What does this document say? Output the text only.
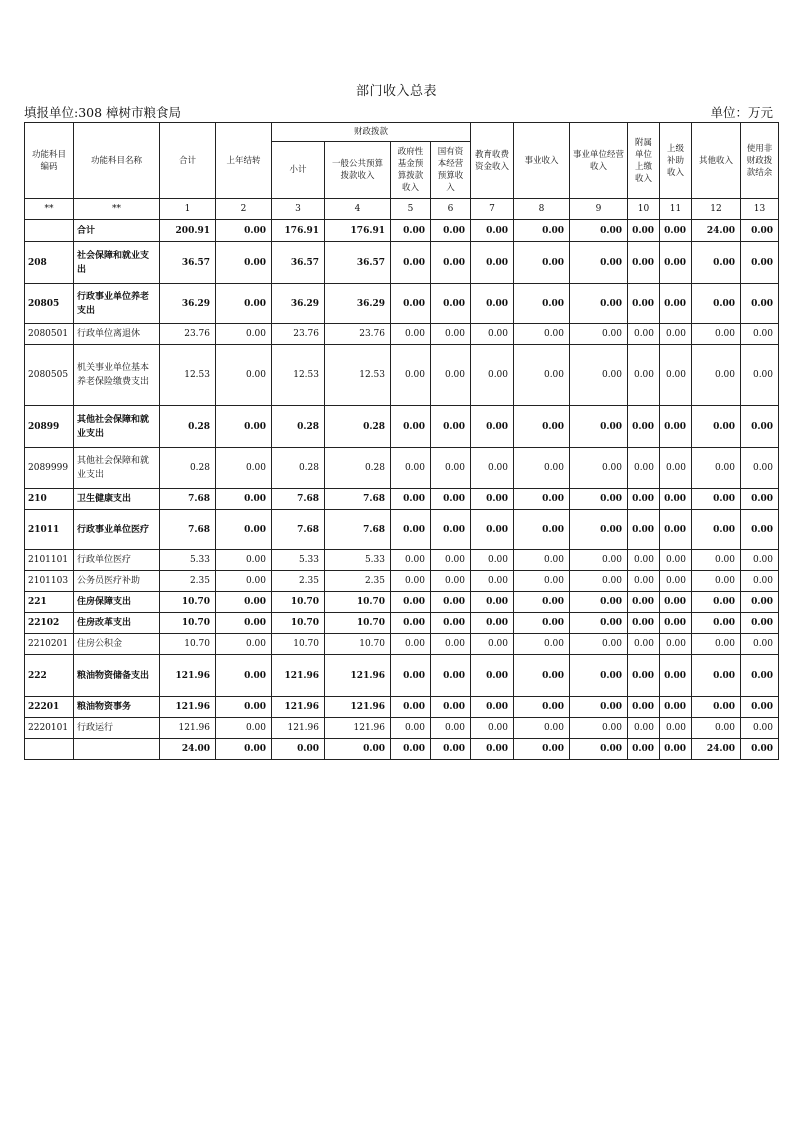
部门收入总表
填报单位:308 樟树市粮食局	单位：万元
功能科目编码	功能科目名称	合计	上年结转	财政拨款				教育收费资金收入	事业收入	事业单位经营收入	附属单位上缴收入	上级补助收入	其他收入	使用非财政拨款结余
				小计	一般公共预算拨款收入	政府性基金预算拨款收入	国有资本经营预算收入							
**	**	1	2	3	4	5	6	7	8	9	10	11	12	13
	合计	200.91	0.00	176.91	176.91	0.00	0.00	0.00	0.00	0.00	0.00	0.00	24.00	0.00
208	社会保障和就业支出	36.57	0.00	36.57	36.57	0.00	0.00	0.00	0.00	0.00	0.00	0.00	0.00	0.00
20805	行政事业单位养老支出	36.29	0.00	36.29	36.29	0.00	0.00	0.00	0.00	0.00	0.00	0.00	0.00	0.00
2080501	行政单位离退休	23.76	0.00	23.76	23.76	0.00	0.00	0.00	0.00	0.00	0.00	0.00	0.00	0.00
2080505	机关事业单位基本养老保险缴费支出	12.53	0.00	12.53	12.53	0.00	0.00	0.00	0.00	0.00	0.00	0.00	0.00	0.00
20899	其他社会保障和就业支出	0.28	0.00	0.28	0.28	0.00	0.00	0.00	0.00	0.00	0.00	0.00	0.00	0.00
2089999	其他社会保障和就业支出	0.28	0.00	0.28	0.28	0.00	0.00	0.00	0.00	0.00	0.00	0.00	0.00	0.00
210	卫生健康支出	7.68	0.00	7.68	7.68	0.00	0.00	0.00	0.00	0.00	0.00	0.00	0.00	0.00
21011	行政事业单位医疗	7.68	0.00	7.68	7.68	0.00	0.00	0.00	0.00	0.00	0.00	0.00	0.00	0.00
2101101	行政单位医疗	5.33	0.00	5.33	5.33	0.00	0.00	0.00	0.00	0.00	0.00	0.00	0.00	0.00
2101103	公务员医疗补助	2.35	0.00	2.35	2.35	0.00	0.00	0.00	0.00	0.00	0.00	0.00	0.00	0.00
221	住房保障支出	10.70	0.00	10.70	10.70	0.00	0.00	0.00	0.00	0.00	0.00	0.00	0.00	0.00
22102	住房改革支出	10.70	0.00	10.70	10.70	0.00	0.00	0.00	0.00	0.00	0.00	0.00	0.00	0.00
2210201	住房公积金	10.70	0.00	10.70	10.70	0.00	0.00	0.00	0.00	0.00	0.00	0.00	0.00	0.00
222	粮油物资储备支出	121.96	0.00	121.96	121.96	0.00	0.00	0.00	0.00	0.00	0.00	0.00	0.00	0.00
22201	粮油物资事务	121.96	0.00	121.96	121.96	0.00	0.00	0.00	0.00	0.00	0.00	0.00	0.00	0.00
2220101	行政运行	121.96	0.00	121.96	121.96	0.00	0.00	0.00	0.00	0.00	0.00	0.00	0.00	0.00
		24.00	0.00	0.00	0.00	0.00	0.00	0.00	0.00	0.00	0.00	0.00	24.00	0.00
